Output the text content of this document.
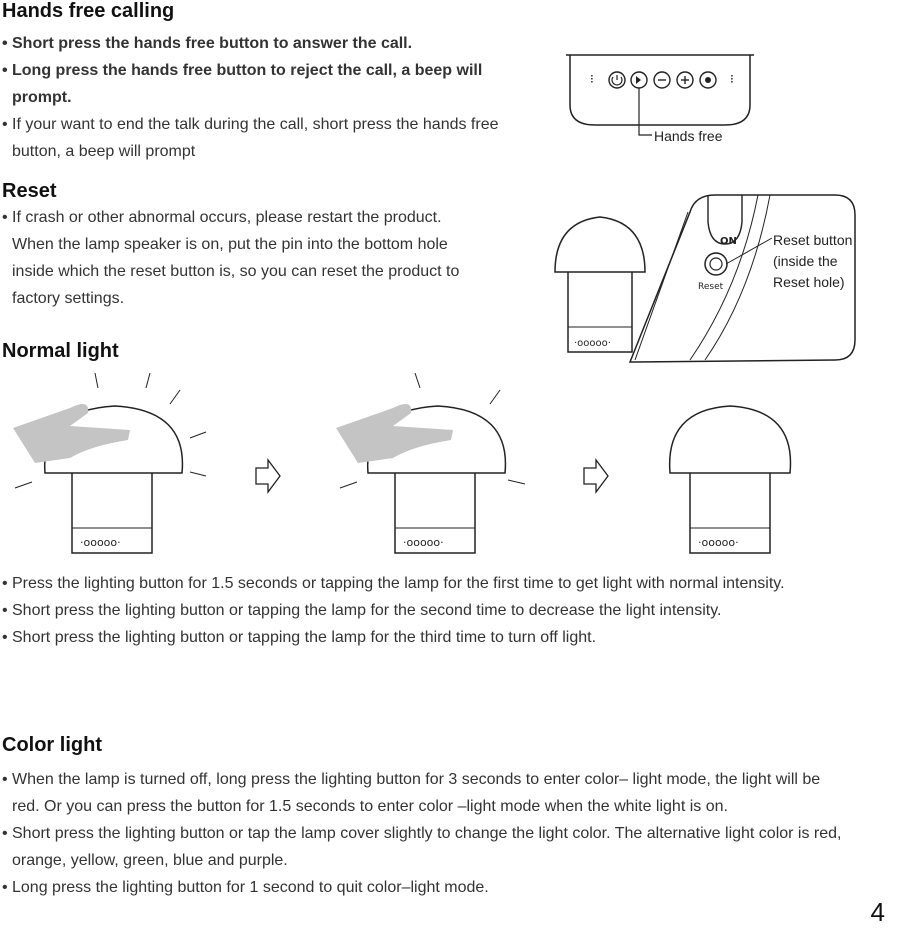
Hands free calling
• Short press the hands free button to answer the call.
• Long press the hands free button to reject the call, a beep will prompt.
• If your want to end the talk during the call, short press the hands free button, a beep will prompt
⁝	⁝
Hands free
Reset
• If crash or other abnormal occurs, please restart the product. When the lamp speaker is on, put the pin into the bottom hole inside which the reset button is, so you can reset the product to factory settings.
·ooooo·
ON
Reset
Reset button (inside the Reset hole)
Normal light
·ooooo·	·ooooo·	·ooooo·
• Press the lighting button for 1.5 seconds or tapping the lamp for the first time to get light with normal intensity.
• Short press the lighting button or tapping the lamp for the second time to decrease the light intensity.
• Short press the lighting button or tapping the lamp for the third time to turn off light.
Color light
• When the lamp is turned off, long press the lighting button for 3 seconds to enter color– light mode, the light will be red. Or you can press the button for 1.5 seconds to enter color –light mode when the white light is on.
• Short press the lighting button or tap the lamp cover slightly to change the light color. The alternative light color is red, orange, yellow, green, blue and purple.
• Long press the lighting button for 1 second to quit color–light mode.
4
